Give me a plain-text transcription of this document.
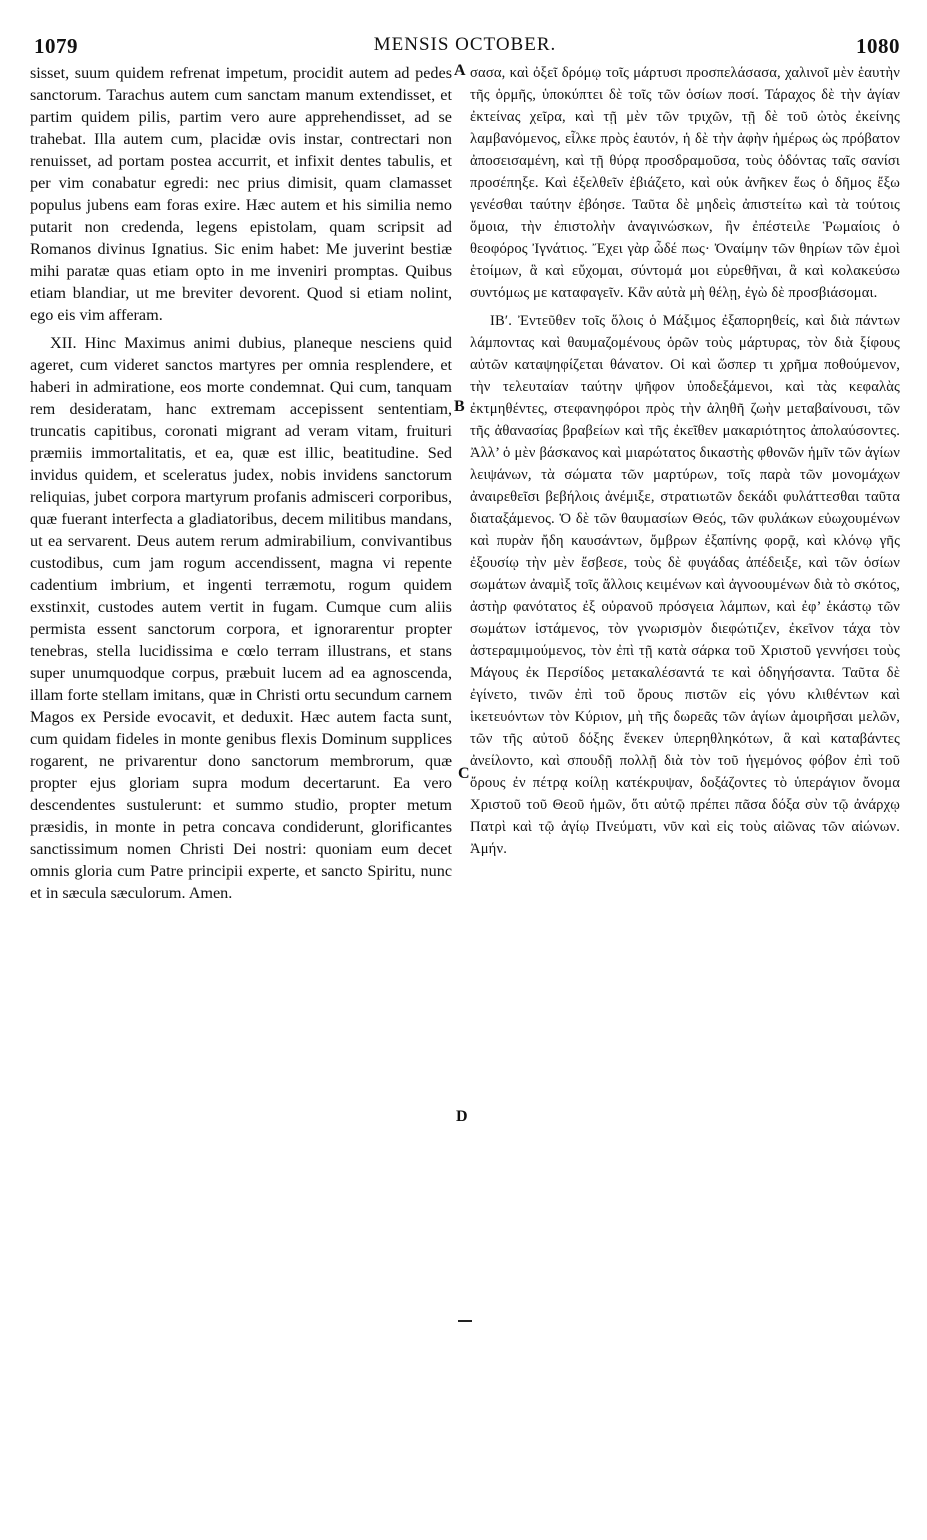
1079	MENSIS OCTOBER.	1080

sisset, suum quidem refrenat impetum, procidit autem ad pedes sanctorum. Tarachus autem cum sanctam manum extendisset, et partim quidem pilis, partim vero aure apprehendisset, ad se trahebat. Illa autem cum, placidæ ovis instar, contrectari non renuisset, ad portam postea accurrit, et infixit dentes tabulis, et per vim conabatur egredi: nec prius dimisit, quam clamasset populus jubens eam foras exire. Hæc autem et his similia nemo putarit non credenda, legens epistolam, quam scripsit ad Romanos divinus Ignatius. Sic enim habet: Me juverint bestiæ mihi paratæ quas etiam opto in me inveniri promptas. Quibus etiam blandiar, ut me breviter devorent. Quod si etiam nolint, ego eis vim afferam.

XII. Hinc Maximus animi dubius, planeque nesciens quid ageret, cum videret sanctos martyres per omnia resplendere, et haberi in admiratione, eos morte condemnat. Qui cum, tanquam rem desideratam, hanc extremam accepissent sententiam, truncatis capitibus, coronati migrant ad veram vitam, fruituri præmiis immortalitatis, et ea, quæ est illic, beatitudine. Sed invidus quidem, et sceleratus judex, nobis invidens sanctorum reliquias, jubet corpora martyrum profanis admisceri corporibus, quæ fuerant interfecta a gladiatoribus, decem militibus mandans, ut ea servarent. Deus autem rerum admirabilium, convivantibus custodibus, cum jam rogum accendissent, magna vi repente cadentium imbrium, et ingenti terræmotu, rogum quidem exstinxit, custodes autem vertit in fugam. Cumque cum aliis permista essent sanctorum corpora, et ignorarentur propter tenebras, stella lucidissima e cœlo terram illustrans, et stans super unumquodque corpus, præbuit lucem ad ea agnoscenda, illam forte stellam imitans, quæ in Christi ortu secundum carnem Magos ex Perside evocavit, et deduxit. Hæc autem facta sunt, cum quidam fideles in monte genibus flexis Dominum supplices rogarent, ne privarentur dono sanctorum membrorum, quæ propter ejus gloriam supra modum decertarunt. Ea vero descendentes sustulerunt: et summo studio, propter metum præsidis, in monte in petra concava condiderunt, glorificantes sanctissimum nomen Christi Dei nostri: quoniam eum decet omnis gloria cum Patre principii experte, et sancto Spiritu, nunc et in sæcula sæculorum. Amen.

A
B
C
D

σασα, καὶ ὀξεῖ δρόμῳ τοῖς μάρτυσι προσπελάσασα, χαλινοῖ μὲν ἑαυτὴν τῆς ὁρμῆς, ὑποκύπτει δὲ τοῖς τῶν ὁσίων ποσί. Τάραχος δὲ τὴν ἁγίαν ἐκτείνας χεῖρα, καὶ τῇ μὲν τῶν τριχῶν, τῇ δὲ τοῦ ὠτὸς ἐκείνης λαμβανόμενος, εἷλκε πρὸς ἑαυτόν, ἡ δὲ τὴν ἀφὴν ἡμέρως ὡς πρόβατον ἀποσεισαμένη, καὶ τῇ θύρᾳ προσδραμοῦσα, τοὺς ὀδόντας ταῖς σανίσι προσέπηξε. Καὶ ἐξελθεῖν ἐβιάζετο, καὶ οὐκ ἀνῆκεν ἕως ὁ δῆμος ἔξω γενέσθαι ταύτην ἐβόησε. Ταῦτα δὲ μηδεὶς ἀπιστείτω καὶ τὰ τούτοις ὅμοια, τὴν ἐπιστολὴν ἀναγινώσκων, ἣν ἐπέστειλε Ῥωμαίοις ὁ θεοφόρος Ἰγνάτιος. Ἔχει γὰρ ὧδέ πως· Ὀναίμην τῶν θηρίων τῶν ἐμοὶ ἑτοίμων, ἃ καὶ εὔχομαι, σύντομά μοι εὑρεθῆναι, ἃ καὶ κολακεύσω συντόμως με καταφαγεῖν. Κἂν αὐτὰ μὴ θέλῃ, ἐγὼ δὲ προσβιάσομαι.

ΙΒʹ. Ἐντεῦθεν τοῖς ὅλοις ὁ Μάξιμος ἐξαπορηθείς, καὶ διὰ πάντων λάμποντας καὶ θαυμαζομένους ὁρῶν τοὺς μάρτυρας, τὸν διὰ ξίφους αὐτῶν καταψηφίζεται θάνατον. Οἱ καὶ ὥσπερ τι χρῆμα ποθούμενον, τὴν τελευταίαν ταύτην ψῆφον ὑποδεξάμενοι, καὶ τὰς κεφαλὰς ἐκτμηθέντες, στεφανηφόροι πρὸς τὴν ἀληθῆ ζωὴν μεταβαίνουσι, τῶν τῆς ἀθανασίας βραβείων καὶ τῆς ἐκεῖθεν μακαριότητος ἀπολαύσοντες. Ἀλλ’ ὁ μὲν βάσκανος καὶ μιαρώτατος δικαστὴς φθονῶν ἡμῖν τῶν ἁγίων λειψάνων, τὰ σώματα τῶν μαρτύρων, τοῖς παρὰ τῶν μονομάχων ἀναιρεθεῖσι βεβήλοις ἀνέμιξε, στρατιωτῶν δεκάδι φυλάττεσθαι ταῦτα διαταξάμενος. Ὁ δὲ τῶν θαυμασίων Θεός, τῶν φυλάκων εὐωχουμένων καὶ πυρὰν ἤδη καυσάντων, ὄμβρων ἐξαπίνης φορᾷ, καὶ κλόνῳ γῆς ἐξουσίῳ τὴν μὲν ἔσβεσε, τοὺς δὲ φυγάδας ἀπέδειξε, καὶ τῶν ὁσίων σωμάτων ἀναμὶξ τοῖς ἄλλοις κειμένων καὶ ἀγνοουμένων διὰ τὸ σκότος, ἀστὴρ φανότατος ἐξ οὐρανοῦ πρόσγεια λάμπων, καὶ ἐφ’ ἑκάστῳ τῶν σωμάτων ἱστάμενος, τὸν γνωρισμὸν διεφώτιζεν, ἐκεῖνον τάχα τὸν ἀστεραμιμούμενος, τὸν ἐπὶ τῇ κατὰ σάρκα τοῦ Χριστοῦ γεννήσει τοὺς Μάγους ἐκ Περσίδος μετακαλέσαντά τε καὶ ὁδηγήσαντα. Ταῦτα δὲ ἐγίνετο, τινῶν ἐπὶ τοῦ ὄρους πιστῶν εἰς γόνυ κλιθέντων καὶ ἱκετευόντων τὸν Κύριον, μὴ τῆς δωρεᾶς τῶν ἁγίων ἀμοιρῆσαι μελῶν, τῶν τῆς αὐτοῦ δόξης ἕνεκεν ὑπερηθληκότων, ἃ καὶ καταβάντες ἀνείλοντο, καὶ σπουδῇ πολλῇ διὰ τὸν τοῦ ἡγεμόνος φόβον ἐπὶ τοῦ ὄρους ἐν πέτρᾳ κοίλῃ κατέκρυψαν, δοξάζοντες τὸ ὑπεράγιον ὄνομα Χριστοῦ τοῦ Θεοῦ ἡμῶν, ὅτι αὐτῷ πρέπει πᾶσα δόξα σὺν τῷ ἀνάρχῳ Πατρὶ καὶ τῷ ἁγίῳ Πνεύματι, νῦν καὶ εἰς τοὺς αἰῶνας τῶν αἰώνων. Ἀμήν.
